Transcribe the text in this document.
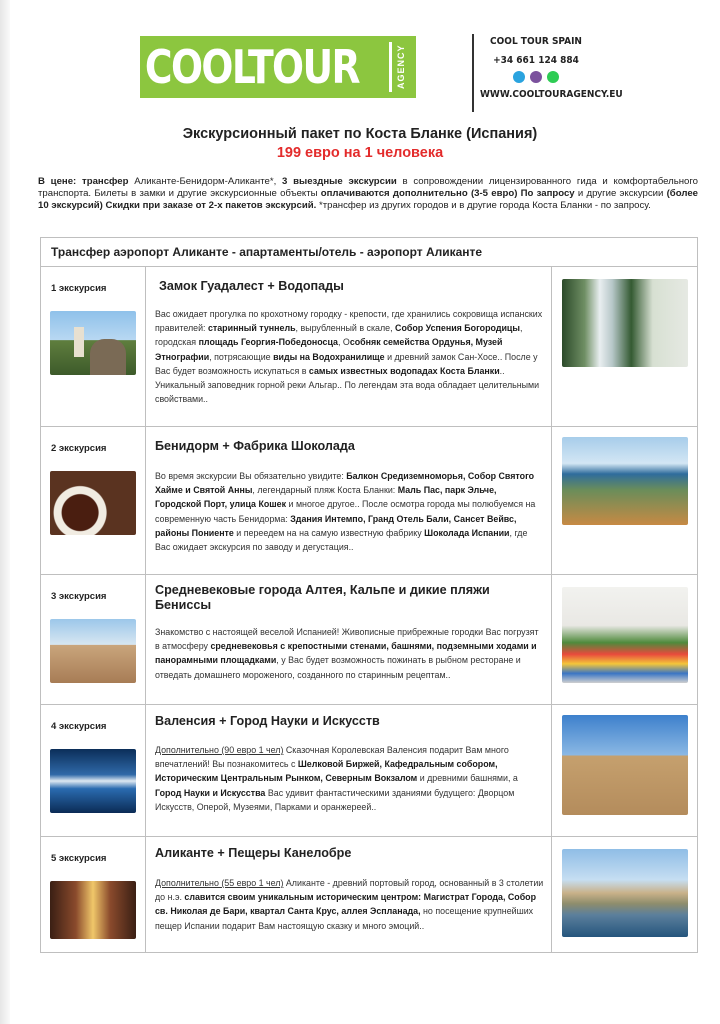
COOLTOUR	AGENCY
COOL TOUR SPAIN
+34 661 124 884
WWW.COOLTOURAGENCY.EU
Экскурсионный пакет по Коста Бланке (Испания)
199 евро на 1 человека
В цене: трансфер Аликанте-Бенидорм-Аликанте*, 3 выездные экскурсии в сопровождении лицензированного гида и комфортабельного транспорта. Билеты в замки и другие экскурсионные объекты оплачиваются дополнительно (3-5 евро) По запросу и другие экскурсии (более 10 экскурсий) Скидки при заказе от 2-х пакетов экскурсий. *трансфер из других городов и в другие города Коста Бланки - по запросу.
Трансфер аэропорт Аликанте - апартаменты/отель - аэропорт Аликанте
1 экскурсия	Замок Гуадалест + Водопады
Вас ожидает прогулка по крохотному городку - крепости, где хранились сокровища испанских правителей: старинный туннель, вырубленный в скале, Собор Успения Богородицы, городская площадь Георгия-Победоносца, Особняк семейства Ордунья, Музей Этнографии, потрясающие виды на Водохранилище и древний замок Сан-Хосе.. После у Вас будет возможность искупаться в самых известных водопадах Коста Бланки.. Уникальный заповедник горной реки Альгар.. По легендам эта вода обладает целительными свойствами..
2 экскурсия	Бенидорм + Фабрика Шоколада
Во время экскурсии Вы обязательно увидите: Балкон Средиземноморья, Собор Святого Хайме и Святой Анны, легендарный пляж Коста Бланки: Маль Пас, парк Эльче, Городской Порт, улица Кошек и многое другое.. После осмотра города мы полюбуемся на современную часть Бенидорма: Здания Интемпо, Гранд Отель Бали, Сансет Вейвс, районы Пониенте и переедем на на самую известную фабрику Шоколада Испании, где Вас ожидает экскурсия по заводу и дегустация..
3 экскурсия	Средневековые города Алтея, Кальпе и дикие пляжи Бениссы
Знакомство с настоящей веселой Испанией! Живописные прибрежные городки Вас погрузят в атмосферу средневековья с крепостными стенами, башнями, подземными ходами и панорамными площадками, у Вас будет возможность пожинать в рыбном ресторане и отведать домашнего мороженого, созданного по старинным рецептам..
4 экскурсия	Валенсия + Город Науки и Искусств
Дополнительно (90 евро 1 чел) Сказочная Королевская Валенсия подарит Вам много впечатлений! Вы познакомитесь с Шелковой Биржей, Кафедральным собором, Историческим Центральным Рынком, Северным Вокзалом и древними башнями, а Город Науки и Искусства Вас удивит фантастическими зданиями будущего: Дворцом Искусств, Оперой, Музеями, Парками и оранжереей..
5 экскурсия	Аликанте + Пещеры Канелобре
Дополнительно (55 евро 1 чел) Аликанте - древний портовый город, основанный в 3 столетии до н.э. славится своим уникальным историческим центром: Магистрат Города, Собор св. Николая де Бари, квартал Санта Крус, аллея Эспланада, но посещение крупнейших пещер Испании подарит Вам настоящую сказку и много эмоций..
